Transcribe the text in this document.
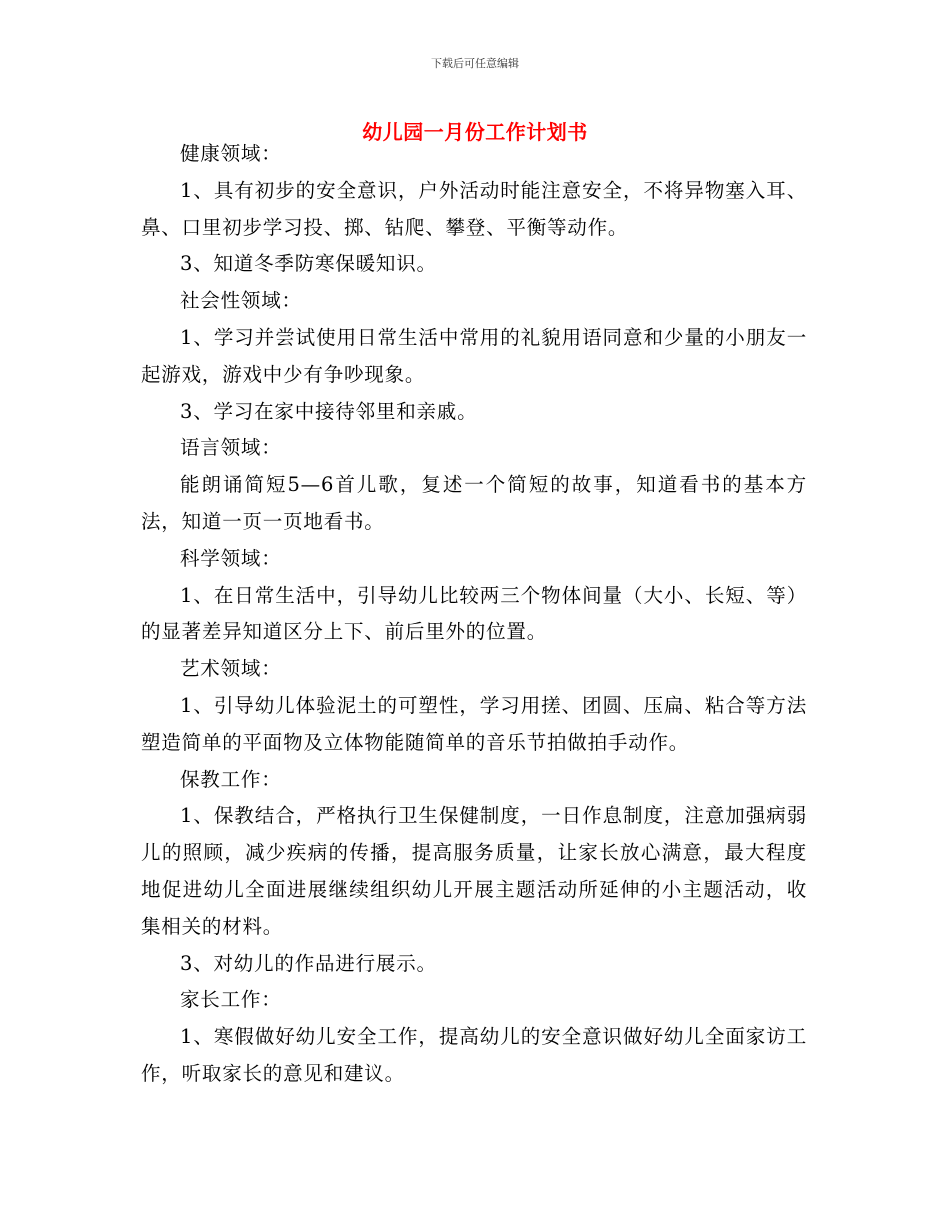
下载后可任意编辑
幼儿园一月份工作计划书

健康领域：

1、具有初步的安全意识，户外活动时能注意安全，不将异物塞入耳、鼻、口里初步学习投、掷、钻爬、攀登、平衡等动作。

3、知道冬季防寒保暖知识。

社会性领域：

1、学习并尝试使用日常生活中常用的礼貌用语同意和少量的小朋友一起游戏，游戏中少有争吵现象。

3、学习在家中接待邻里和亲戚。

语言领域：

能朗诵简短5—6首儿歌，复述一个简短的故事，知道看书的基本方法，知道一页一页地看书。

科学领域：

1、在日常生活中，引导幼儿比较两三个物体间量（大小、长短、等）的显著差异知道区分上下、前后里外的位置。

艺术领域：

1、引导幼儿体验泥土的可塑性，学习用搓、团圆、压扁、粘合等方法塑造简单的平面物及立体物能随简单的音乐节拍做拍手动作。

保教工作：

1、保教结合，严格执行卫生保健制度，一日作息制度，注意加强病弱儿的照顾，减少疾病的传播，提高服务质量，让家长放心满意，最大程度地促进幼儿全面进展继续组织幼儿开展主题活动所延伸的小主题活动，收集相关的材料。

3、对幼儿的作品进行展示。

家长工作：

1、寒假做好幼儿安全工作，提高幼儿的安全意识做好幼儿全面家访工作，听取家长的意见和建议。
